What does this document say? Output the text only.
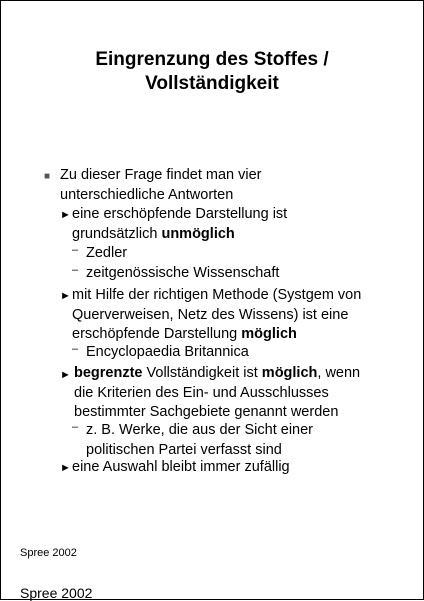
Eingrenzung des Stoffes /
Vollständigkeit
■ Zu dieser Frage findet man vier
unterschiedliche Antworten
► eine erschöpfende Darstellung ist
grundsätzlich unmöglich
– Zedler
– zeitgenössische Wissenschaft
► mit Hilfe der richtigen Methode (Systgem von
Querverweisen, Netz des Wissens) ist eine
erschöpfende Darstellung möglich
– Encyclopaedia Britannica
► begrenzte Vollständigkeit ist möglich, wenn
die Kriterien des Ein- und Ausschlusses
bestimmter Sachgebiete genannt werden
– z. B. Werke, die aus der Sicht einer
politischen Partei verfasst sind
► eine Auswahl bleibt immer zufällig
Spree 2002
Spree 2002
